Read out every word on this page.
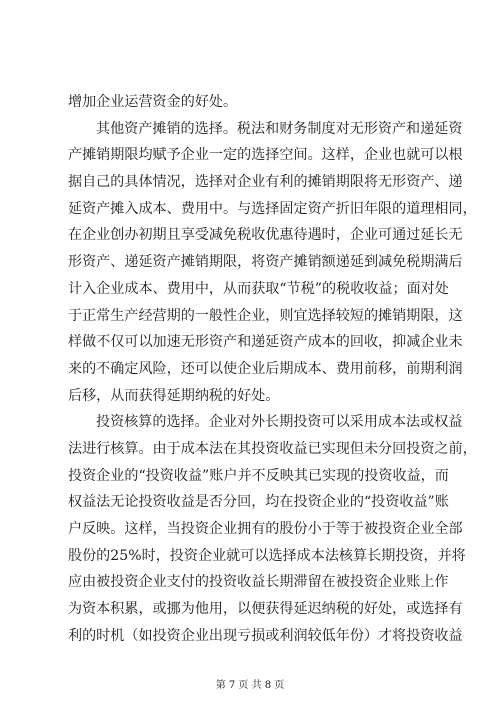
增加企业运营资金的好处。
其他资产摊销的选择。税法和财务制度对无形资产和递延资
产摊销期限均赋予企业一定的选择空间。这样，企业也就可以根
据自己的具体情况，选择对企业有利的摊销期限将无形资产、递
延资产摊入成本、费用中。与选择固定资产折旧年限的道理相同，
在企业创办初期且享受减免税收优惠待遇时，企业可通过延长无
形资产、递延资产摊销期限，将资产摊销额递延到减免税期满后
计入企业成本、费用中，从而获取“节税”的税收收益；面对处
于正常生产经营期的一般性企业，则宜选择较短的摊销期限，这
样做不仅可以加速无形资产和递延资产成本的回收，抑减企业未
来的不确定风险，还可以使企业后期成本、费用前移，前期利润
后移，从而获得延期纳税的好处。
投资核算的选择。企业对外长期投资可以采用成本法或权益
法进行核算。由于成本法在其投资收益已实现但未分回投资之前，
投资企业的“投资收益”账户并不反映其已实现的投资收益，而
权益法无论投资收益是否分回，均在投资企业的“投资收益”账
户反映。这样，当投资企业拥有的股份小于等于被投资企业全部
股份的25%时，投资企业就可以选择成本法核算长期投资，并将
应由被投资企业支付的投资收益长期滞留在被投资企业账上作
为资本积累，或挪为他用，以便获得延迟纳税的好处，或选择有
利的时机（如投资企业出现亏损或利润较低年份）才将投资收益
第 7 页 共 8 页
